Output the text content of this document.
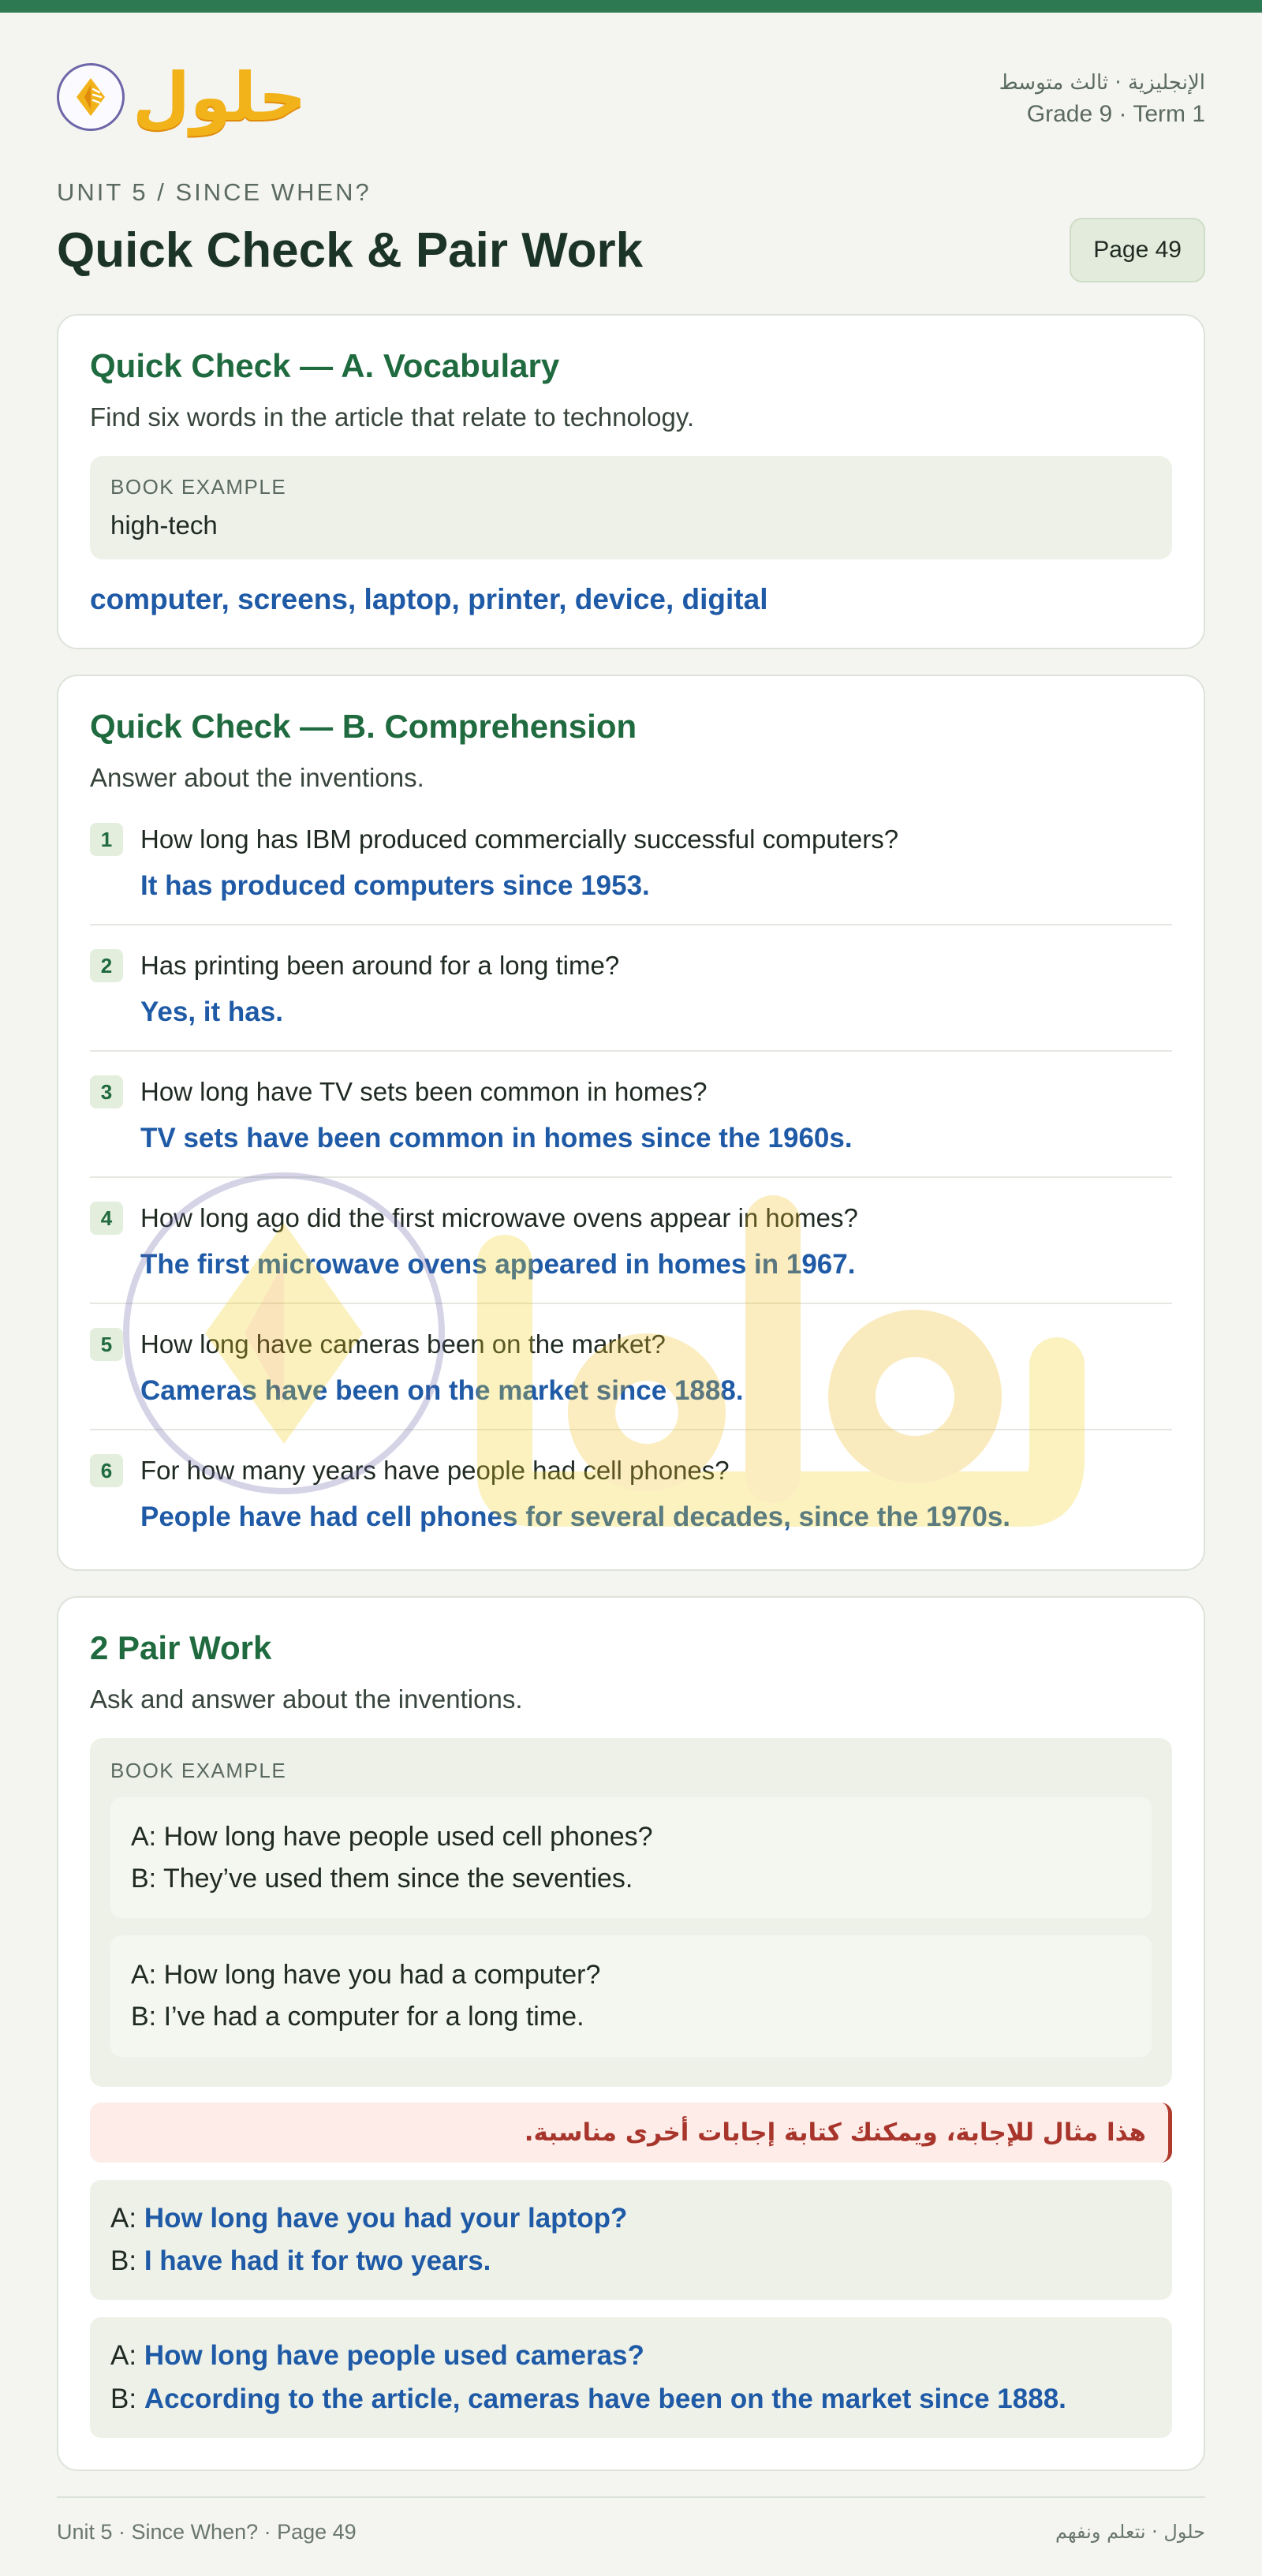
حلول	الإنجليزية · ثالث متوسط
Grade 9 · Term 1
UNIT 5 / SINCE WHEN?
Quick Check & Pair Work	Page 49
Quick Check — A. Vocabulary

Find six words in the article that relate to technology.

BOOK EXAMPLE
high-tech
computer, screens, laptop, printer, device, digital
Quick Check — B. Comprehension

Answer about the inventions.

1	How long has IBM produced commercially successful computers?
It has produced computers since 1953.
2	Has printing been around for a long time?
Yes, it has.
3	How long have TV sets been common in homes?
TV sets have been common in homes since the 1960s.
4	How long ago did the first microwave ovens appear in homes?
The first microwave ovens appeared in homes in 1967.
5	How long have cameras been on the market?
Cameras have been on the market since 1888.
6	For how many years have people had cell phones?
People have had cell phones for several decades, since the 1970s.
2 Pair Work

Ask and answer about the inventions.

BOOK EXAMPLE
A: How long have people used cell phones?
B: They’ve used them since the seventies.
A: How long have you had a computer?
B: I’ve had a computer for a long time.
هذا مثال للإجابة، ويمكنك كتابة إجابات أخرى مناسبة.
A: How long have you had your laptop?
B: I have had it for two years.
A: How long have people used cameras?
B: According to the article, cameras have been on the market since 1888.
Unit 5 · Since When? · Page 49	حلول · نتعلم ونفهم
